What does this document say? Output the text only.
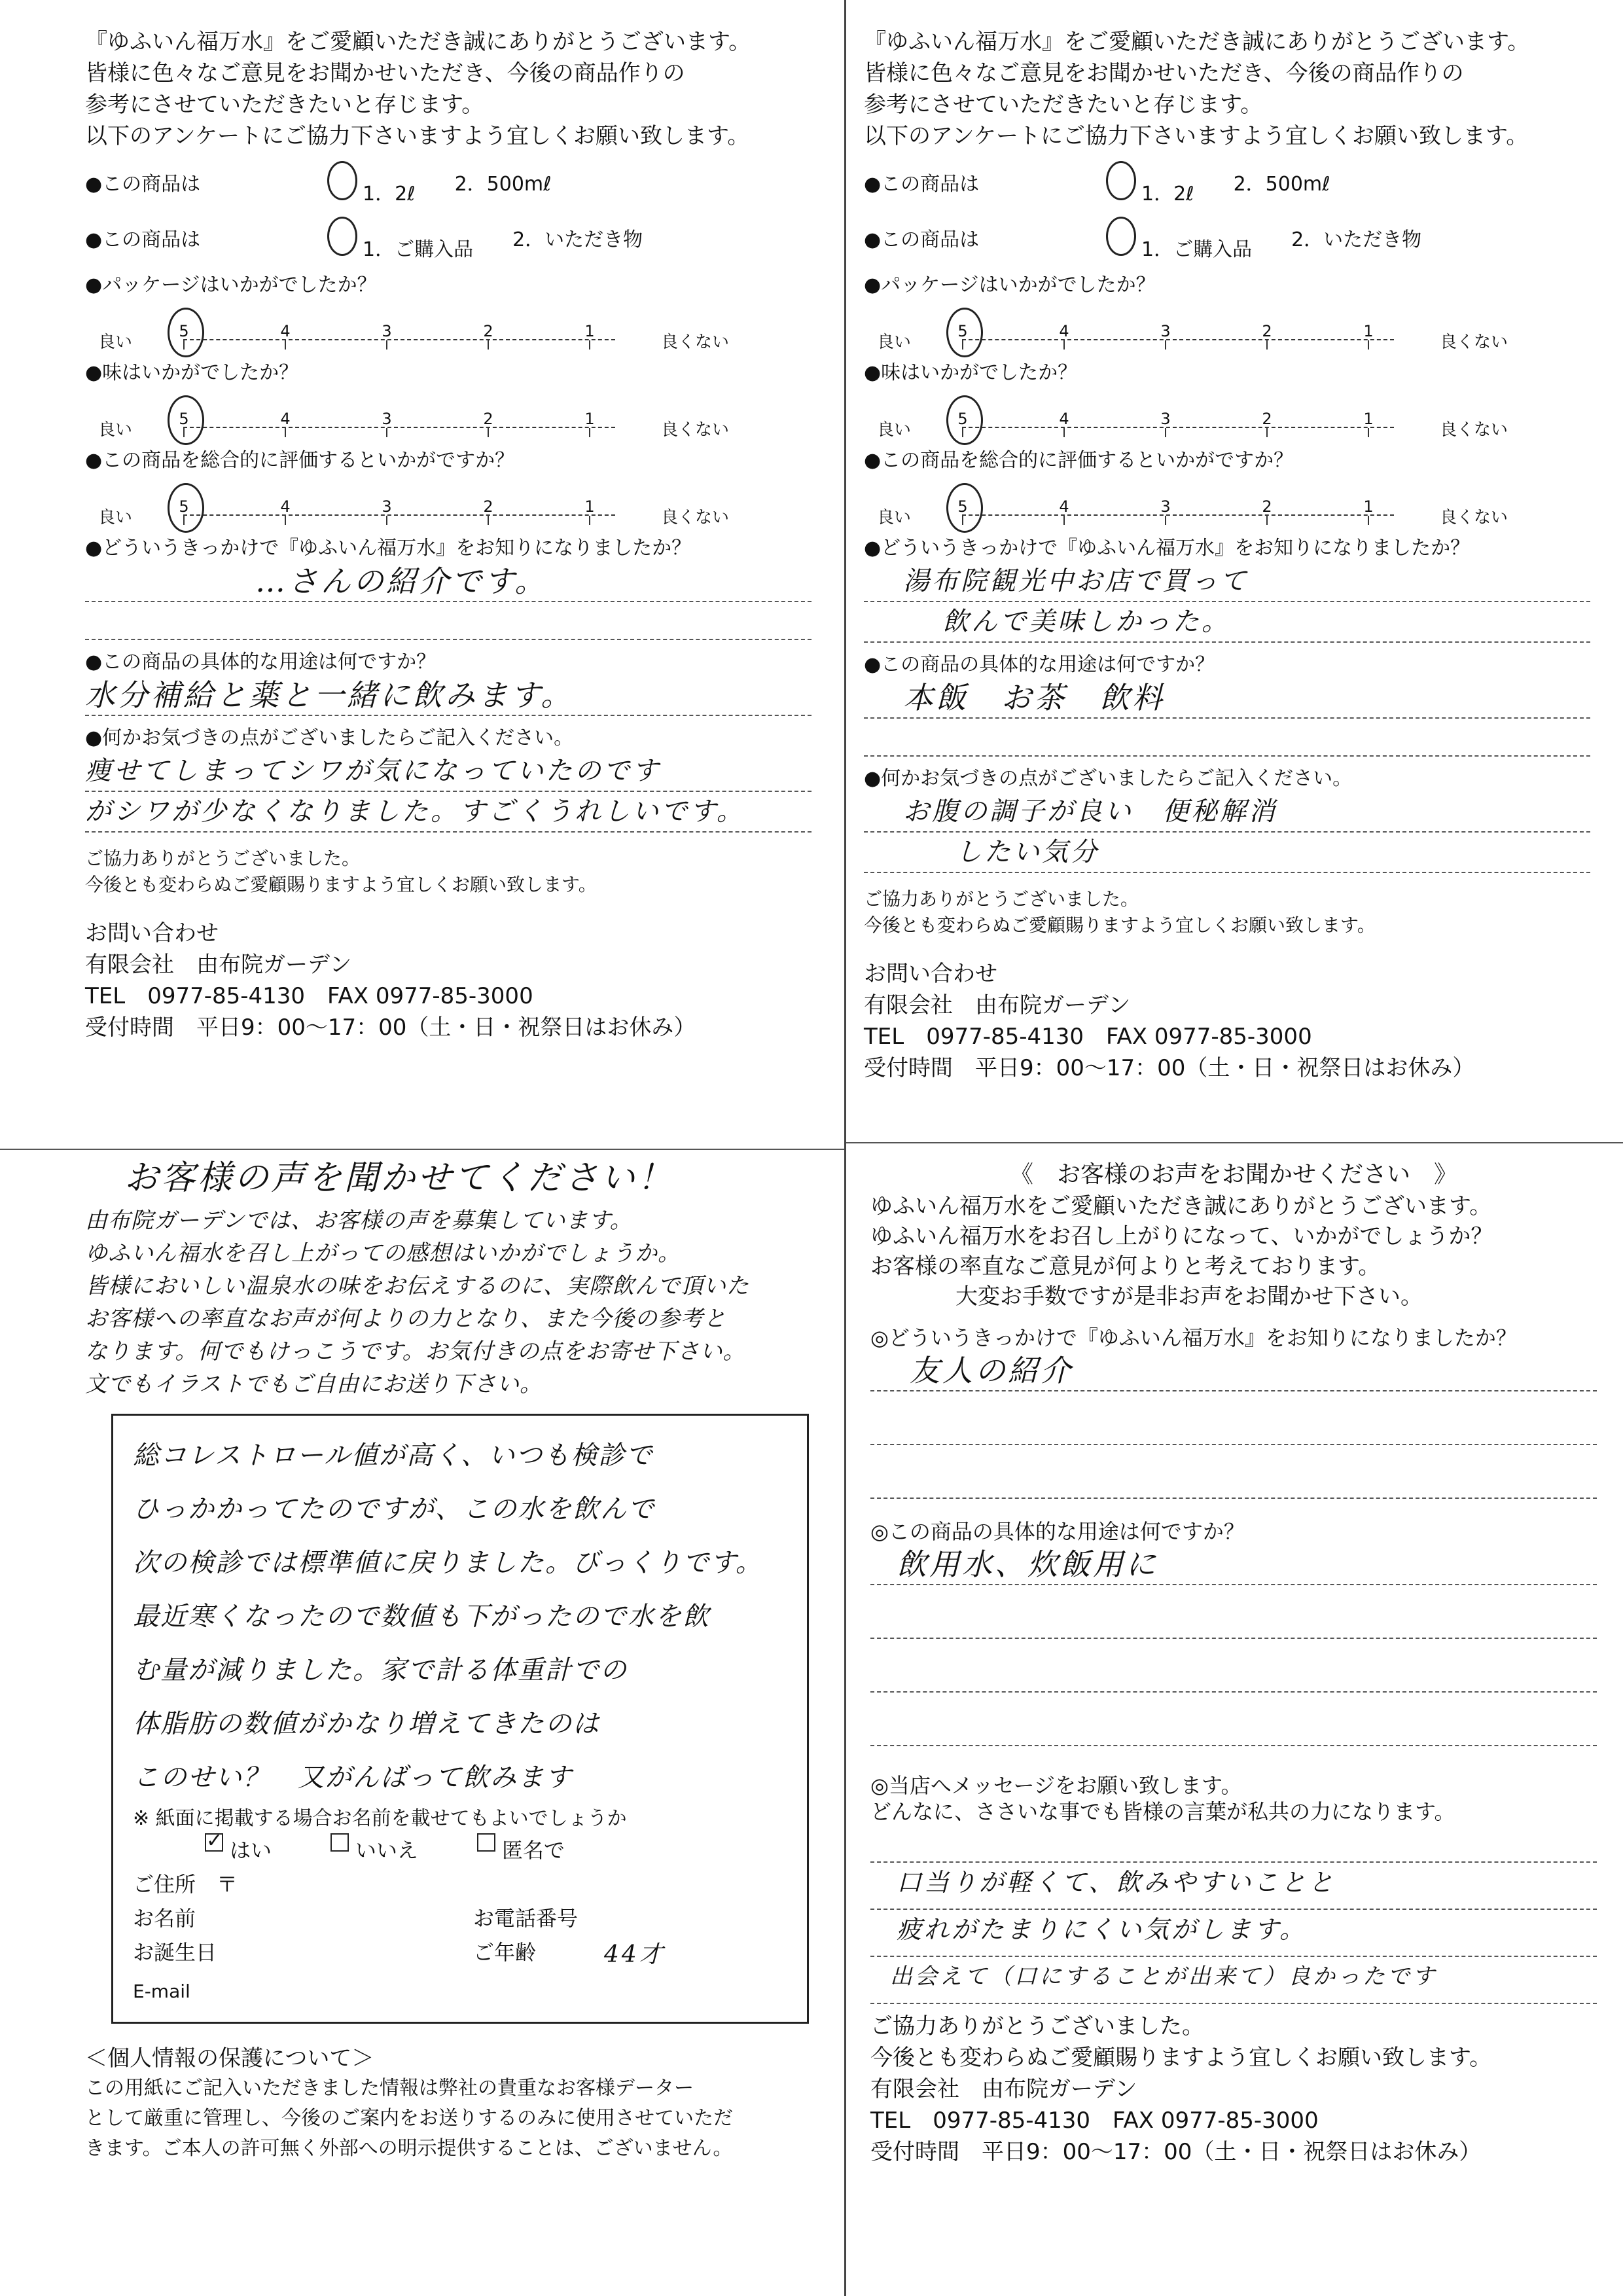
『ゆふいん福万水』をご愛顧いただき誠にありがとうございます。
皆様に色々なご意見をお聞かせいただき、今後の商品作りの
参考にさせていただきたいと存じます。
以下のアンケートにご協力下さいますよう宜しくお願い致します。
●この商品は	1．2ℓ 2．500mℓ
●この商品は	1．ご購入品 2．いただき物
●パッケージはいかがでしたか？
良い
5	4	3	2	1
良くない
●味はいかがでしたか？
良い
5	4	3	2	1
良くない
●この商品を総合的に評価するといかがですか？
良い
5	4	3	2	1
良くない
●どういうきっかけで『ゆふいん福万水』をお知りになりましたか？
…さんの紹介です。
●この商品の具体的な用途は何ですか？
水分補給と薬と一緒に飲みます。
●何かお気づきの点がございましたらご記入ください。
痩せてしまってシワが気になっていたのです
がシワが少なくなりました。すごくうれしいです。
ご協力ありがとうございました。
今後とも変わらぬご愛顧賜りますよう宜しくお願い致します。
お問い合わせ
有限会社　由布院ガーデン
TEL　0977-85-4130　FAX 0977-85-3000
受付時間　平日9：00～17：00（土・日・祝祭日はお休み）
『ゆふいん福万水』をご愛顧いただき誠にありがとうございます。
皆様に色々なご意見をお聞かせいただき、今後の商品作りの
参考にさせていただきたいと存じます。
以下のアンケートにご協力下さいますよう宜しくお願い致します。
●この商品は	1．2ℓ 2．500mℓ
●この商品は	1．ご購入品 2．いただき物
●パッケージはいかがでしたか？
良い
5	4	3	2	1
良くない
●味はいかがでしたか？
良い
5	4	3	2	1
良くない
●この商品を総合的に評価するといかがですか？
良い
5	4	3	2	1
良くない
●どういうきっかけで『ゆふいん福万水』をお知りになりましたか？
湯布院観光中お店で買って
飲んで美味しかった。
●この商品の具体的な用途は何ですか？
本飯　お茶　飲料
●何かお気づきの点がございましたらご記入ください。
お腹の調子が良い　便秘解消
したい気分
ご協力ありがとうございました。
今後とも変わらぬご愛顧賜りますよう宜しくお願い致します。
お問い合わせ
有限会社　由布院ガーデン
TEL　0977-85-4130　FAX 0977-85-3000
受付時間　平日9：00～17：00（土・日・祝祭日はお休み）
お客様の声を聞かせてください！
由布院ガーデンでは、お客様の声を募集しています。
ゆふいん福水を召し上がっての感想はいかがでしょうか。
皆様においしい温泉水の味をお伝えするのに、実際飲んで頂いた
お客様への率直なお声が何よりの力となり、また今後の参考と
なります。何でもけっこうです。お気付きの点をお寄せ下さい。
文でもイラストでもご自由にお送り下さい。
総コレストロール値が高く、いつも検診で
ひっかかってたのですが、この水を飲んで
次の検診では標準値に戻りました。びっくりです。
最近寒くなったので数値も下がったので水を飲
む量が減りました。家で計る体重計での
体脂肪の数値がかなり増えてきたのは
このせい？　又がんばって飲みます
※ 紙面に掲載する場合お名前を載せてもよいでしょうか
✓
はい	いいえ	匿名で
ご住所　〒
お名前	お電話番号
お誕生日	ご年齢	44才
E-mail
＜個人情報の保護について＞
この用紙にご記入いただきました情報は弊社の貴重なお客様データー
として厳重に管理し、今後のご案内をお送りするのみに使用させていただ
きます。ご本人の許可無く外部への明示提供することは、ございません。
《　お客様のお声をお聞かせください　》
ゆふいん福万水をご愛顧いただき誠にありがとうございます。
ゆふいん福万水をお召し上がりになって、いかがでしょうか？
お客様の率直なご意見が何よりと考えております。
大変お手数ですが是非お声をお聞かせ下さい。
◎どういうきっかけで『ゆふいん福万水』をお知りになりましたか？
友人の紹介
◎この商品の具体的な用途は何ですか？
飲用水、炊飯用に
◎当店へメッセージをお願い致します。
どんなに、ささいな事でも皆様の言葉が私共の力になります。
口当りが軽くて、飲みやすいことと
疲れがたまりにくい気がします。
出会えて（口にすることが出来て）良かったです
ご協力ありがとうございました。
今後とも変わらぬご愛顧賜りますよう宜しくお願い致します。
有限会社　由布院ガーデン
TEL　0977-85-4130　FAX 0977-85-3000
受付時間　平日9：00～17：00（土・日・祝祭日はお休み）
